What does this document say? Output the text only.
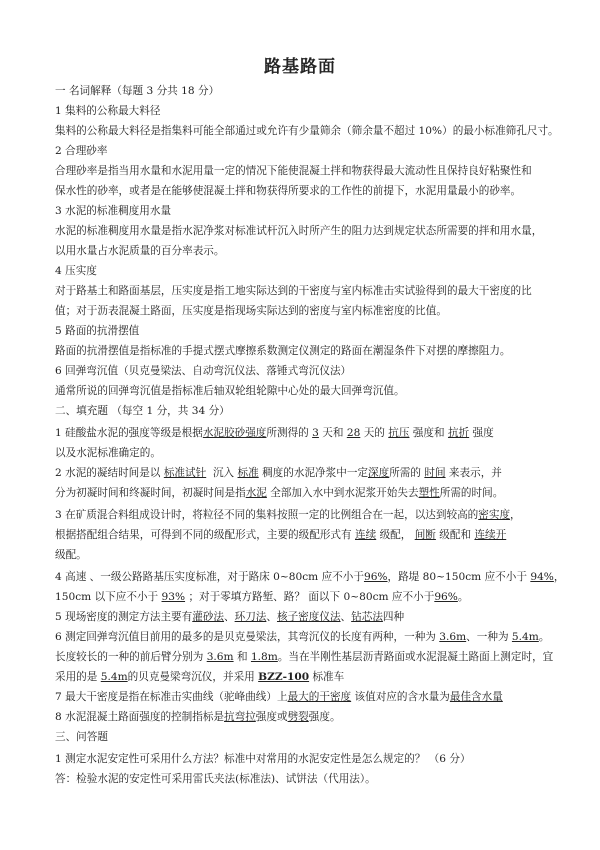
路基路面
一 名词解释（每题 3 分共 18 分）
1 集料的公称最大料径
集料的公称最大料径是指集料可能全部通过或允许有少量筛余（筛余量不超过 10%）的最小标准筛孔尺寸。
2 合理砂率
合理砂率是指当用水量和水泥用量一定的情况下能使混凝土拌和物获得最大流动性且保持良好粘聚性和
保水性的砂率，或者是在能够使混凝土拌和物获得所要求的工作性的前提下，水泥用量最小的砂率。
3 水泥的标准稠度用水量
水泥的标准稠度用水量是指水泥净浆对标准试杆沉入时所产生的阻力达到规定状态所需要的拌和用水量，
以用水量占水泥质量的百分率表示。
4 压实度
对于路基土和路面基层，压实度是指工地实际达到的干密度与室内标准击实试验得到的最大干密度的比
值；对于沥表混凝土路面，压实度是指现场实际达到的密度与室内标准密度的比值。
5 路面的抗滑摆值
路面的抗滑摆值是指标准的手提式摆式摩擦系数测定仪测定的路面在潮湿条件下对摆的摩擦阻力。
6 回弹弯沉值（贝克曼梁法、自动弯沉仪法、落锤式弯沉仪法）
通常所说的回弹弯沉值是指标准后轴双轮组轮隙中心处的最大回弹弯沉值。
二、填充题 （每空 1 分，共 34 分）
1 硅酸盐水泥的强度等级是根据水泥胶砂强度所测得的 3 天和 28 天的 抗压 强度和 抗折 强度
以及水泥标准确定的。
2 水泥的凝结时间是以 标准试针 沉入 标准 稠度的水泥净浆中一定深度所需的 时间 来表示，并
分为初凝时间和终凝时间，初凝时间是指水泥 全部加入水中到水泥浆开始失去塑性所需的时间。
3 在矿质混合料组成设计时，将粒径不同的集料按照一定的比例组合在一起，以达到较高的密实度，
根据搭配组合结果，可得到不同的级配形式，主要的级配形式有 连续 级配， 间断 级配和 连续开
级配。
4 高速 、一级公路路基压实度标准，对于路床 0~80cm 应不小于96%，路堤 80~150cm 应不小于 94%，
150cm 以下应不小于 93% ；对于零填方路堑、路？ 面以下 0~80cm 应不小于96%。
5 现场密度的测定方法主要有灌砂法、环刀法、核子密度仪法、钻芯法四种
6 测定回弹弯沉值目前用的最多的是贝克曼梁法，其弯沉仪的长度有两种，一种为 3.6m、一种为 5.4m。
长度较长的一种的前后臂分别为 3.6m 和 1.8m。当在半刚性基层沥青路面或水泥混凝土路面上测定时，宜
采用的是 5.4m的贝克曼梁弯沉仪，并采用 BZZ-100 标准车
7 最大干密度是指在标准击实曲线（驼峰曲线）上最大的干密度 该值对应的含水量为最佳含水量
8 水泥混凝土路面强度的控制指标是抗弯拉强度或劈裂强度。
三、问答题
1 测定水泥安定性可采用什么方法？标准中对常用的水泥安定性是怎么规定的？ （6 分）
答：检验水泥的安定性可采用雷氏夹法(标准法)、试饼法（代用法）。
